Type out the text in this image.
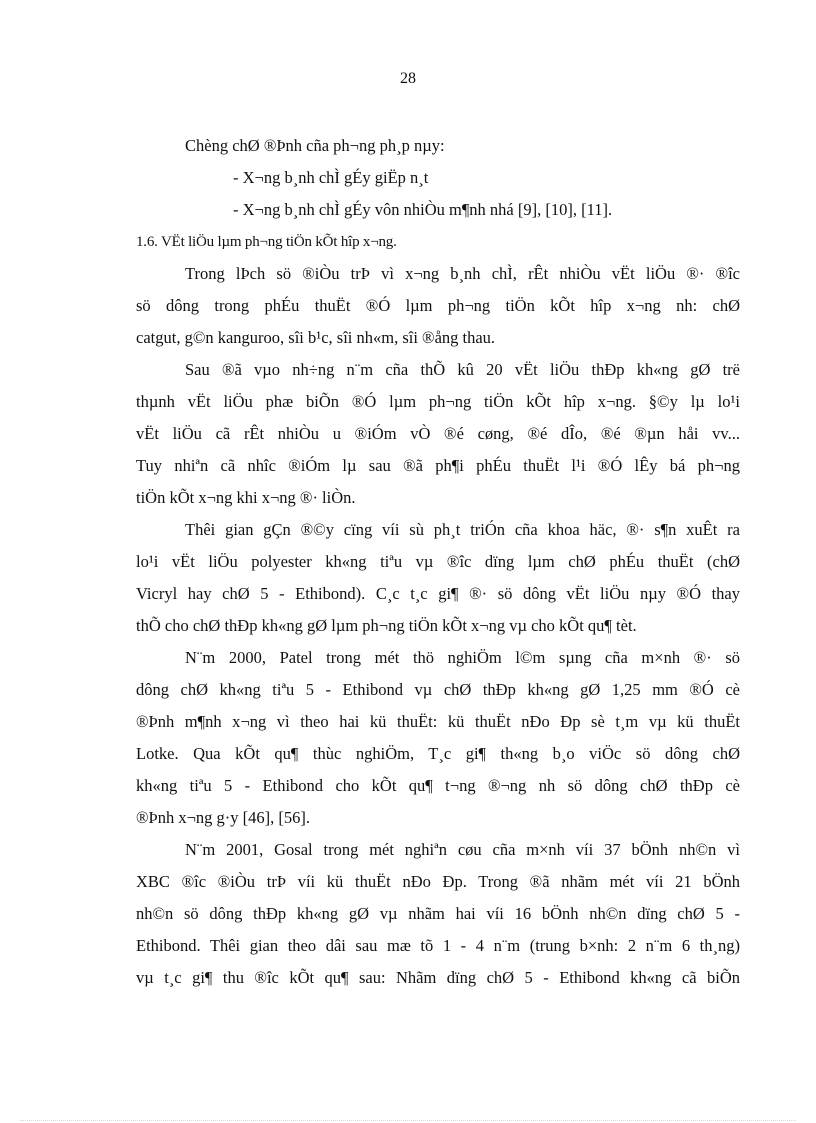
28
Chèng chØ ®Þnh cña ph¬ng ph¸p nµy:
- X¬ng b¸nh chÌ gÉy giËp n¸t
- X¬ng b¸nh chÌ gÉy vôn nhiÒu m¶nh nhá [9], [10], [11].
1.6. VËt liÖu lµm ph¬ng tiÖn kÕt hîp x¬ng.
Trong lÞch sö ®iÒu trÞ vì x¬ng b¸nh chÌ, rÊt nhiÒu vËt liÖu ®· ®îc
sö dông trong phÉu thuËt ®Ó lµm ph¬ng tiÖn kÕt hîp x¬ng nh: chØ
catgut, g©n kanguroo, sîi b¹c, sîi nh«m, sîi ®ång thau.
Sau ®ã vµo nh÷ng n¨m cña thÕ kû 20 vËt liÖu thÐp kh«ng gØ trë
thµnh vËt liÖu phæ biÕn ®Ó lµm ph¬ng tiÖn kÕt hîp x¬ng. §©y lµ lo¹i
vËt liÖu cã rÊt nhiÒu u ®iÓm vÒ ®é cøng, ®é dÎo, ®é ®µn håi vv...
Tuy nhiªn cã nhîc ®iÓm lµ sau ®ã ph¶i phÉu thuËt l¹i ®Ó lÊy bá ph¬ng
tiÖn kÕt x¬ng khi x¬ng ®· liÒn.
Thêi gian gÇn ®©y cïng víi sù ph¸t triÓn cña khoa häc, ®· s¶n xuÊt ra
lo¹i vËt liÖu polyester kh«ng tiªu vµ ®îc dïng lµm chØ phÉu thuËt (chØ
Vicryl hay chØ 5 - Ethibond). C¸c t¸c gi¶ ®· sö dông vËt liÖu nµy ®Ó thay
thÕ cho chØ thÐp kh«ng gØ lµm ph¬ng tiÖn kÕt x¬ng vµ cho kÕt qu¶ tèt.
N¨m 2000, Patel trong mét thö nghiÖm l©m sµng cña m×nh ®· sö
dông chØ kh«ng tiªu 5 - Ethibond vµ chØ thÐp kh«ng gØ 1,25 mm ®Ó cè
®Þnh m¶nh x¬ng vì theo hai kü thuËt: kü thuËt nÐo Ðp sè t¸m vµ kü thuËt
Lotke. Qua kÕt qu¶ thùc nghiÖm, T¸c gi¶ th«ng b¸o viÖc sö dông chØ
kh«ng tiªu 5 - Ethibond cho kÕt qu¶ t¬ng ®¬ng nh sö dông chØ thÐp cè
®Þnh x¬ng g·y [46], [56].
N¨m 2001, Gosal trong mét nghiªn cøu cña m×nh víi 37 bÖnh nh©n vì
XBC ®îc ®iÒu trÞ víi kü thuËt nÐo Ðp. Trong ®ã nhãm mét víi 21 bÖnh
nh©n sö dông thÐp kh«ng gØ vµ nhãm hai víi 16 bÖnh nh©n dïng chØ 5 -
Ethibond. Thêi gian theo dâi sau mæ tõ 1 - 4 n¨m (trung b×nh: 2 n¨m 6 th¸ng)
vµ t¸c gi¶ thu ®îc kÕt qu¶ sau: Nhãm dïng chØ 5 - Ethibond kh«ng cã biÕn
